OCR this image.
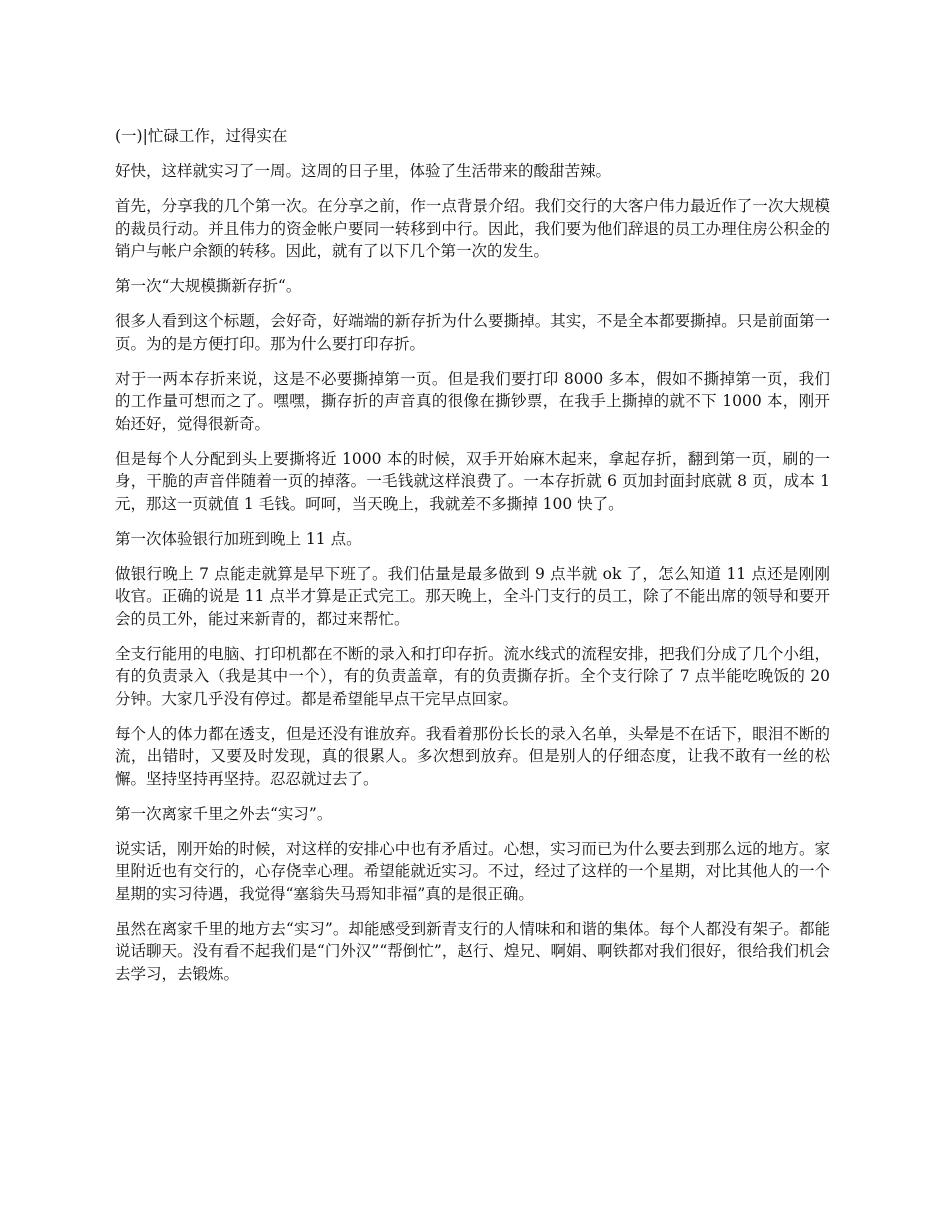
(一)|忙碌工作，过得实在

好快，这样就实习了一周。这周的日子里，体验了生活带来的酸甜苦辣。

首先，分享我的几个第一次。在分享之前，作一点背景介绍。我们交行的大客户伟力最近作了一次大规模的裁员行动。并且伟力的资金帐户要同一转移到中行。因此，我们要为他们辞退的员工办理住房公积金的销户与帐户余额的转移。因此，就有了以下几个第一次的发生。

第一次“大规模撕新存折“。

很多人看到这个标题，会好奇，好端端的新存折为什么要撕掉。其实，不是全本都要撕掉。只是前面第一页。为的是方便打印。那为什么要打印存折。

对于一两本存折来说，这是不必要撕掉第一页。但是我们要打印 8000 多本，假如不撕掉第一页，我们的工作量可想而之了。嘿嘿，撕存折的声音真的很像在撕钞票，在我手上撕掉的就不下 1000 本，刚开始还好，觉得很新奇。

但是每个人分配到头上要撕将近 1000 本的时候，双手开始麻木起来，拿起存折，翻到第一页，刷的一身，干脆的声音伴随着一页的掉落。一毛钱就这样浪费了。一本存折就 6 页加封面封底就 8 页，成本 1 元，那这一页就值 1 毛钱。呵呵，当天晚上，我就差不多撕掉 100 快了。

第一次体验银行加班到晚上 11 点。

做银行晚上 7 点能走就算是早下班了。我们估量是最多做到 9 点半就 ok 了，怎么知道 11 点还是刚刚收官。正确的说是 11 点半才算是正式完工。那天晚上，全斗门支行的员工，除了不能出席的领导和要开会的员工外，能过来新青的，都过来帮忙。

全支行能用的电脑、打印机都在不断的录入和打印存折。流水线式的流程安排，把我们分成了几个小组，有的负责录入（我是其中一个），有的负责盖章，有的负责撕存折。全个支行除了 7 点半能吃晚饭的 20 分钟。大家几乎没有停过。都是希望能早点干完早点回家。

每个人的体力都在透支，但是还没有谁放弃。我看着那份长长的录入名单，头晕是不在话下，眼泪不断的流，出错时，又要及时发现，真的很累人。多次想到放弃。但是别人的仔细态度，让我不敢有一丝的松懈。坚持坚持再坚持。忍忍就过去了。

第一次离家千里之外去“实习”。

说实话，刚开始的时候，对这样的安排心中也有矛盾过。心想，实习而已为什么要去到那么远的地方。家里附近也有交行的，心存侥幸心理。希望能就近实习。不过，经过了这样的一个星期，对比其他人的一个星期的实习待遇，我觉得“塞翁失马焉知非福”真的是很正确。

虽然在离家千里的地方去“实习”。却能感受到新青支行的人情味和和谐的集体。每个人都没有架子。都能说话聊天。没有看不起我们是“门外汉”“帮倒忙”，赵行、煌兄、啊娟、啊铁都对我们很好，很给我们机会去学习，去锻炼。
